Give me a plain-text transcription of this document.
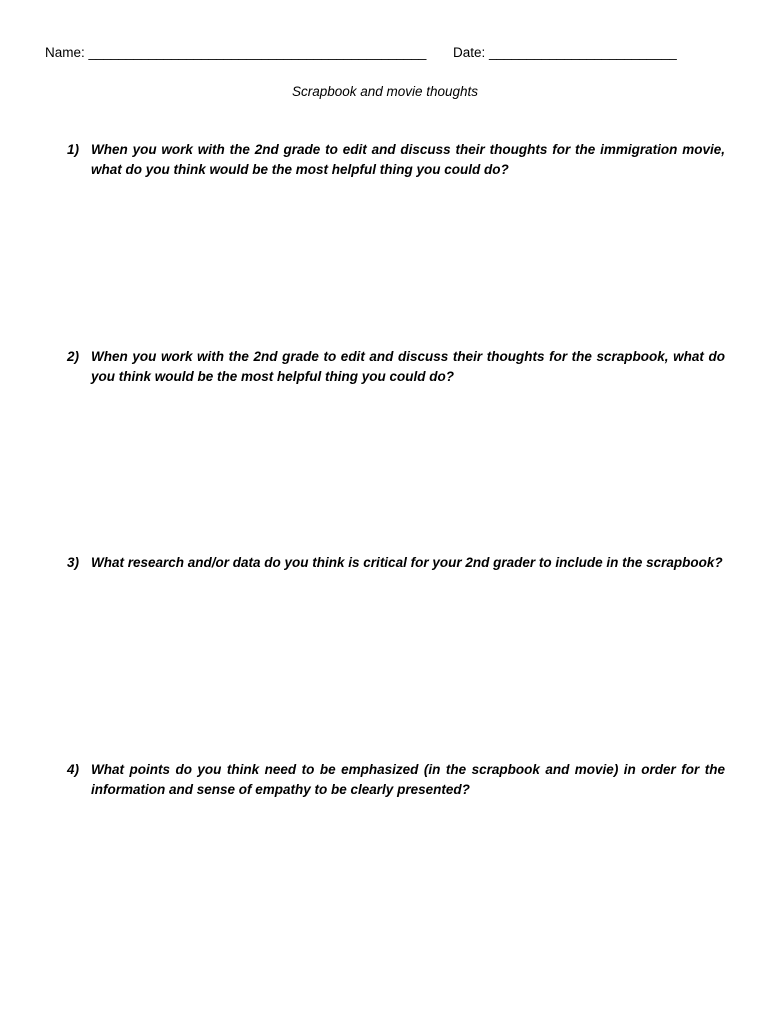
Name: _____________________________________________ Date: _________________________
Scrapbook and movie thoughts
1) When you work with the 2nd grade to edit and discuss their thoughts for the immigration movie, what do you think would be the most helpful thing you could do?
2) When you work with the 2nd grade to edit and discuss their thoughts for the scrapbook, what do you think would be the most helpful thing you could do?
3) What research and/or data do you think is critical for your 2nd grader to include in the scrapbook?
4) What points do you think need to be emphasized (in the scrapbook and movie) in order for the information and sense of empathy to be clearly presented?
